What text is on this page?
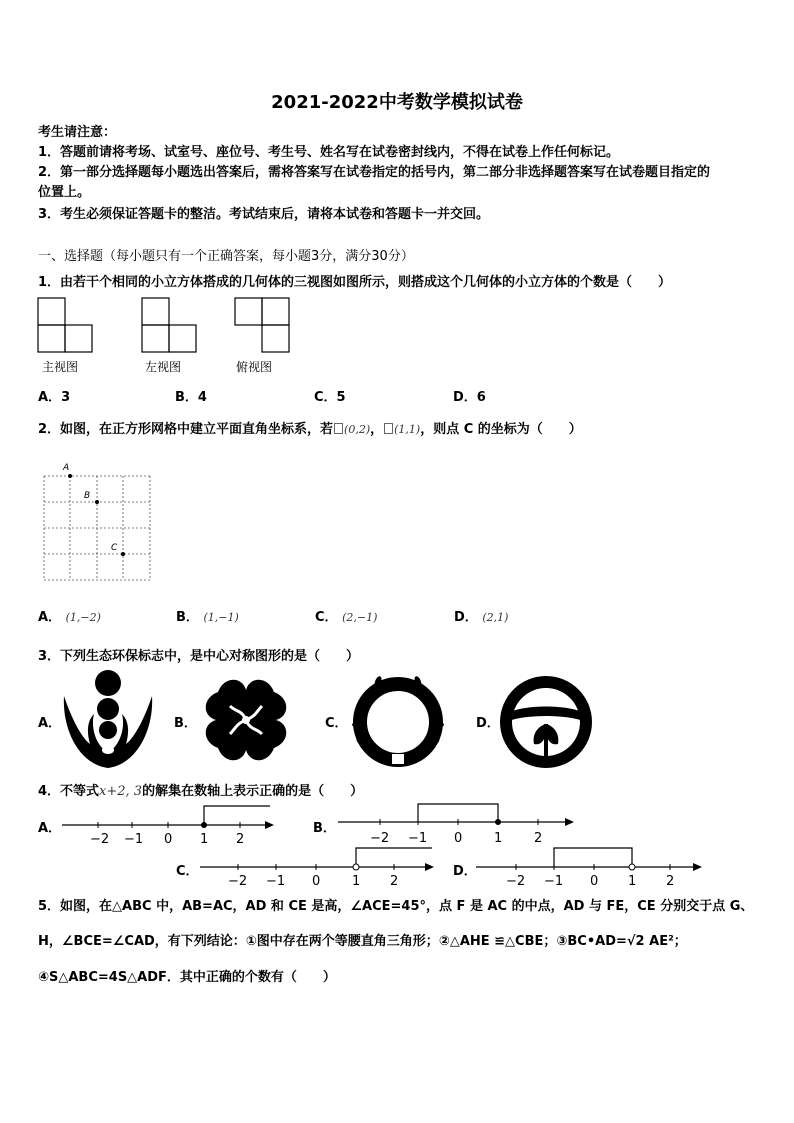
2021-2022中考数学模拟试卷
考生请注意：
1．答题前请将考场、试室号、座位号、考生号、姓名写在试卷密封线内，不得在试卷上作任何标记。
2．第一部分选择题每小题选出答案后，需将答案写在试卷指定的括号内，第二部分非选择题答案写在试卷题目指定的
位置上。
3．考生必须保证答题卡的整洁。考试结束后，请将本试卷和答题卡一并交回。
一、选择题（每小题只有一个正确答案，每小题3分，满分30分）
1．由若干个相同的小立方体搭成的几何体的三视图如图所示，则搭成这个几何体的小立方体的个数是（　　）
主视图	左视图	俯视图
A．3	B．4	C．5	D．6
2．如图，在正方形网格中建立平面直角坐标系，若 (0,2)， (1,1)，则点 C 的坐标为（　　）
A
B
C
A． (1,−2)	B． (1,−1)	C． (2,−1)	D． (2,1)
3．下列生态环保标志中，是中心对称图形的是（　　）
A．	B．	C．	D．
4．不等式x+2, 3的解集在数轴上表示正确的是（　　）
A．
−2 −1 0 1 2
B．
−2 −1 0 1 2
C．
−2 −1 0 1 2
D．
−2 −1 0 1 2
5．如图，在△ABC 中，AB=AC，AD 和 CE 是高，∠ACE=45°，点 F 是 AC 的中点，AD 与 FE，CE 分别交于点 G、
H，∠BCE=∠CAD，有下列结论：①图中存在两个等腰直角三角形；②△AHE ≌△CBE；③BC•AD=√2 AE²；
④S△ABC=4S△ADF．其中正确的个数有（　　）
